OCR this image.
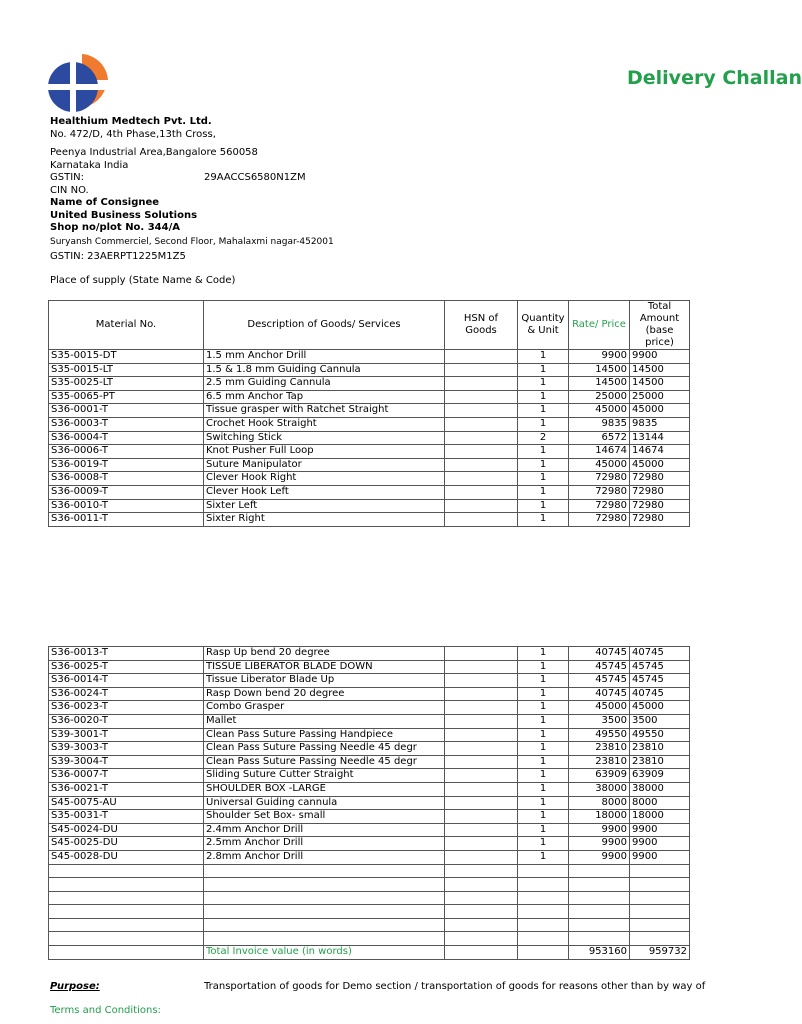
Delivery Challan
Healthium Medtech Pvt. Ltd.
No. 472/D, 4th Phase,13th Cross,
Peenya Industrial Area,Bangalore 560058
Karnataka India
GSTIN:	29AACCS6580N1ZM
CIN NO.
Name of Consignee
United Business Solutions
Shop no/plot No. 344/A
Suryansh Commerciel, Second Floor, Mahalaxmi nagar-452001
GSTIN: 23AERPT1225M1Z5
Place of supply (State Name & Code)
Material No.	Description of Goods/ Services	HSN of Goods	Quantity & Unit	Rate/ Price	Total Amount (base price)
S35-0015-DT	1.5 mm Anchor Drill		1	9900	9900
S35-0015-LT	1.5 & 1.8 mm Guiding Cannula		1	14500	14500
S35-0025-LT	2.5 mm Guiding Cannula		1	14500	14500
S35-0065-PT	6.5 mm Anchor Tap		1	25000	25000
S36-0001-T	Tissue grasper with Ratchet Straight		1	45000	45000
S36-0003-T	Crochet Hook Straight		1	9835	9835
S36-0004-T	Switching Stick		2	6572	13144
S36-0006-T	Knot Pusher Full Loop		1	14674	14674
S36-0019-T	Suture Manipulator		1	45000	45000
S36-0008-T	Clever Hook Right		1	72980	72980
S36-0009-T	Clever Hook Left		1	72980	72980
S36-0010-T	Sixter Left		1	72980	72980
S36-0011-T	Sixter Right		1	72980	72980
S36-0013-T	Rasp Up bend 20 degree		1	40745	40745
S36-0025-T	TISSUE LIBERATOR BLADE DOWN		1	45745	45745
S36-0014-T	Tissue Liberator Blade Up		1	45745	45745
S36-0024-T	Rasp Down bend 20 degree		1	40745	40745
S36-0023-T	Combo Grasper		1	45000	45000
S36-0020-T	Mallet		1	3500	3500
S39-3001-T	Clean Pass Suture Passing Handpiece		1	49550	49550
S39-3003-T	Clean Pass Suture Passing Needle 45 degr		1	23810	23810
S39-3004-T	Clean Pass Suture Passing Needle 45 degr		1	23810	23810
S36-0007-T	Sliding Suture Cutter Straight		1	63909	63909
S36-0021-T	SHOULDER BOX -LARGE		1	38000	38000
S45-0075-AU	Universal Guiding cannula		1	8000	8000
S35-0031-T	Shoulder Set Box- small		1	18000	18000
S45-0024-DU	2.4mm Anchor Drill		1	9900	9900
S45-0025-DU	2.5mm Anchor Drill		1	9900	9900
S45-0028-DU	2.8mm Anchor Drill		1	9900	9900

	Total Invoice value (in words)			953160	959732
Purpose:	Transportation of goods for Demo section / transportation of goods for reasons other than by way of
Terms and Conditions:
